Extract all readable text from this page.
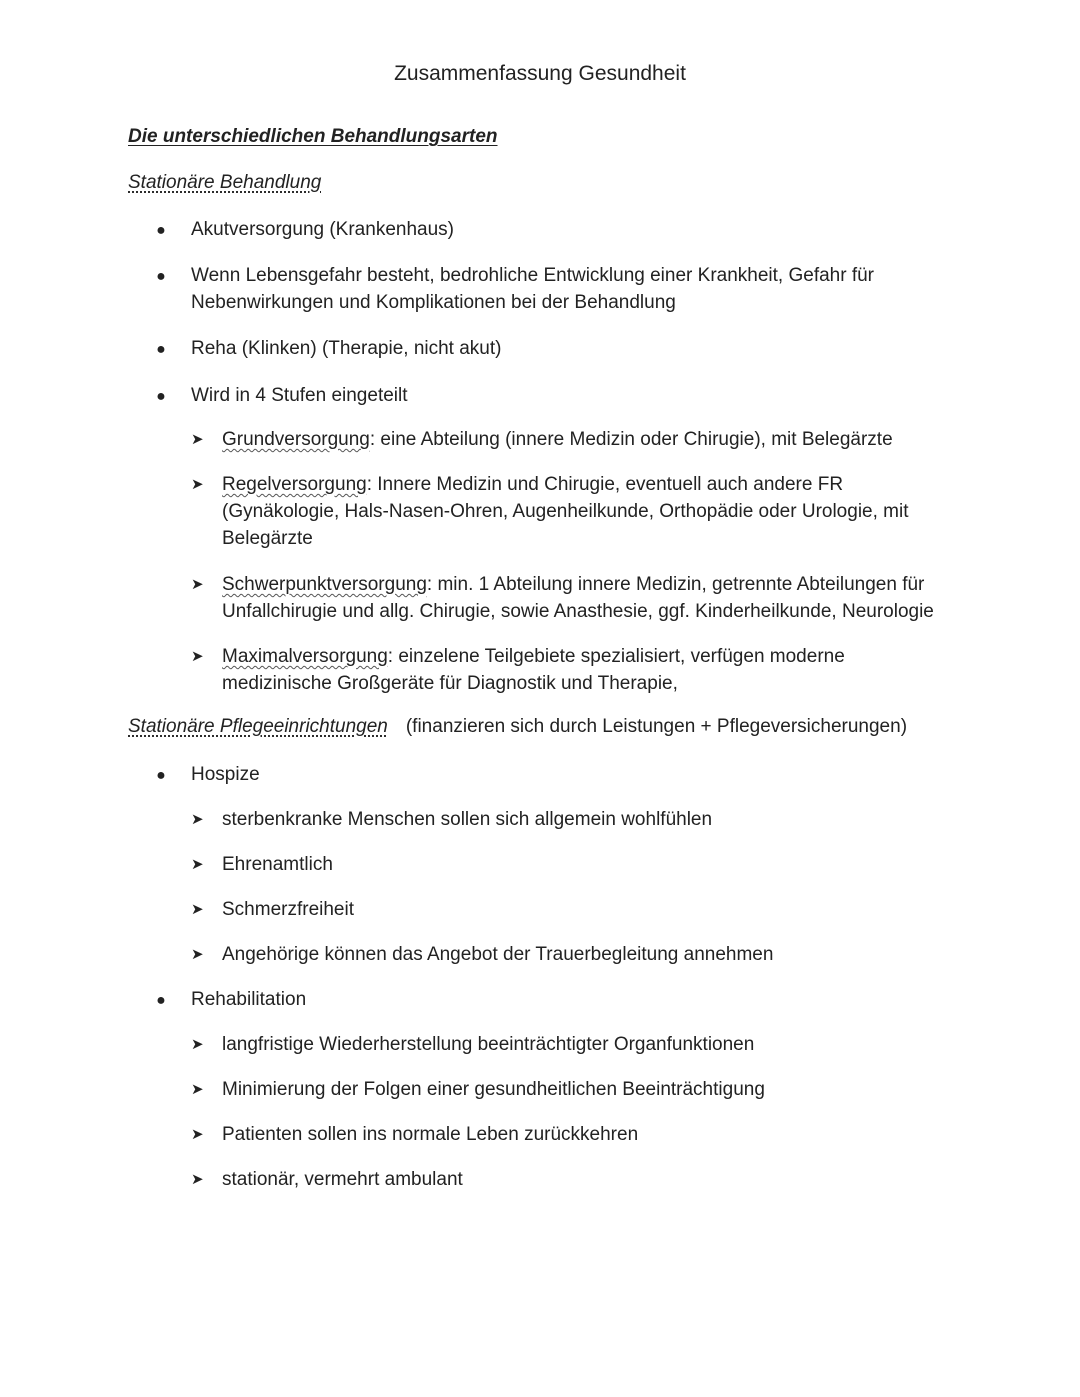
Zusammenfassung Gesundheit
Die unterschiedlichen Behandlungsarten
Stationäre Behandlung
● Akutversorgung (Krankenhaus)
● Wenn Lebensgefahr besteht, bedrohliche Entwicklung einer Krankheit, Gefahr für
Nebenwirkungen und Komplikationen bei der Behandlung
● Reha (Klinken) (Therapie, nicht akut)
● Wird in 4 Stufen eingeteilt
➤ Grundversorgung: eine Abteilung (innere Medizin oder Chirugie), mit Belegärzte
➤ Regelversorgung: Innere Medizin und Chirugie, eventuell auch andere FR
(Gynäkologie, Hals-Nasen-Ohren, Augenheilkunde, Orthopädie oder Urologie, mit
Belegärzte
➤ Schwerpunktversorgung: min. 1 Abteilung innere Medizin, getrennte Abteilungen für
Unfallchirugie und allg. Chirugie, sowie Anasthesie, ggf. Kinderheilkunde, Neurologie
➤ Maximalversorgung: einzelene Teilgebiete spezialisiert, verfügen moderne
medizinische Großgeräte für Diagnostik und Therapie,
Stationäre Pflegeeinrichtungen (finanzieren sich durch Leistungen + Pflegeversicherungen)
● Hospize
➤ sterbenkranke Menschen sollen sich allgemein wohlfühlen
➤ Ehrenamtlich
➤ Schmerzfreiheit
➤ Angehörige können das Angebot der Trauerbegleitung annehmen
● Rehabilitation
➤ langfristige Wiederherstellung beeinträchtigter Organfunktionen
➤ Minimierung der Folgen einer gesundheitlichen Beeinträchtigung
➤ Patienten sollen ins normale Leben zurückkehren
➤ stationär, vermehrt ambulant
